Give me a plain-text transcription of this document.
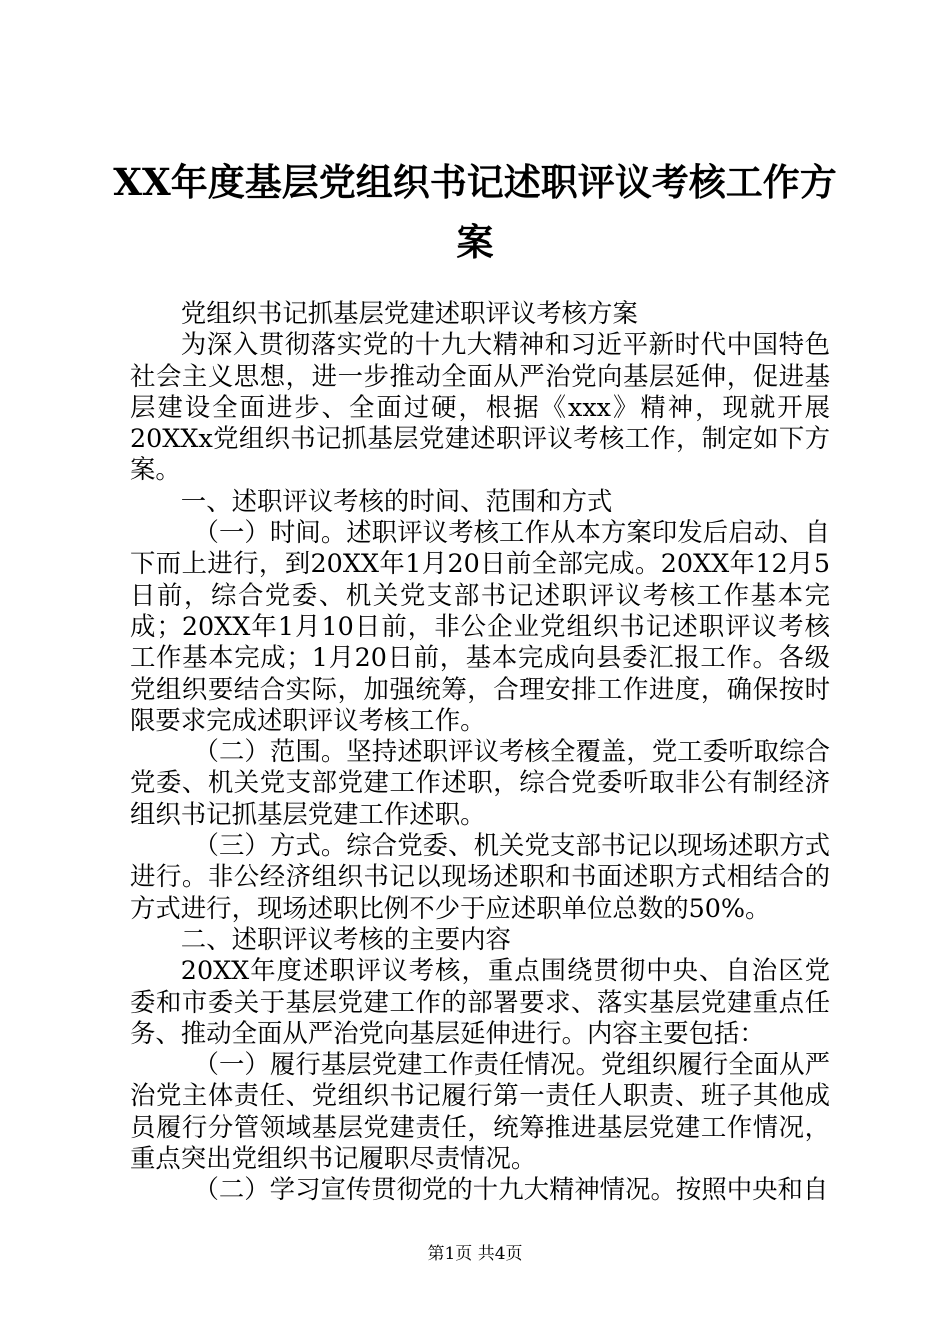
XX年度基层党组织书记述职评议考核工作方
案

党组织书记抓基层党建述职评议考核方案

为深入贯彻落实党的十九大精神和习近平新时代中国特色社会主义思想，进一步推动全面从严治党向基层延伸，促进基层建设全面进步、全面过硬，根据《xxx》精神，现就开展20XXx党组织书记抓基层党建述职评议考核工作，制定如下方案。

一、述职评议考核的时间、范围和方式

（一）时间。述职评议考核工作从本方案印发后启动、自下而上进行，到20XX年1月20日前全部完成。20XX年12月5日前，综合党委、机关党支部书记述职评议考核工作基本完成；20XX年1月10日前，非公企业党组织书记述职评议考核工作基本完成；1月20日前，基本完成向县委汇报工作。各级党组织要结合实际，加强统筹，合理安排工作进度，确保按时限要求完成述职评议考核工作。

（二）范围。坚持述职评议考核全覆盖，党工委听取综合党委、机关党支部党建工作述职，综合党委听取非公有制经济组织书记抓基层党建工作述职。

（三）方式。综合党委、机关党支部书记以现场述职方式进行。非公经济组织书记以现场述职和书面述职方式相结合的方式进行，现场述职比例不少于应述职单位总数的50%。

二、述职评议考核的主要内容

20XX年度述职评议考核，重点围绕贯彻中央、自治区党委和市委关于基层党建工作的部署要求、落实基层党建重点任务、推动全面从严治党向基层延伸进行。内容主要包括：

（一）履行基层党建工作责任情况。党组织履行全面从严治党主体责任、党组织书记履行第一责任人职责、班子其他成员履行分管领域基层党建责任，统筹推进基层党建工作情况，重点突出党组织书记履职尽责情况。

（二）学习宣传贯彻党的十九大精神情况。按照中央和自

第1页 共4页
